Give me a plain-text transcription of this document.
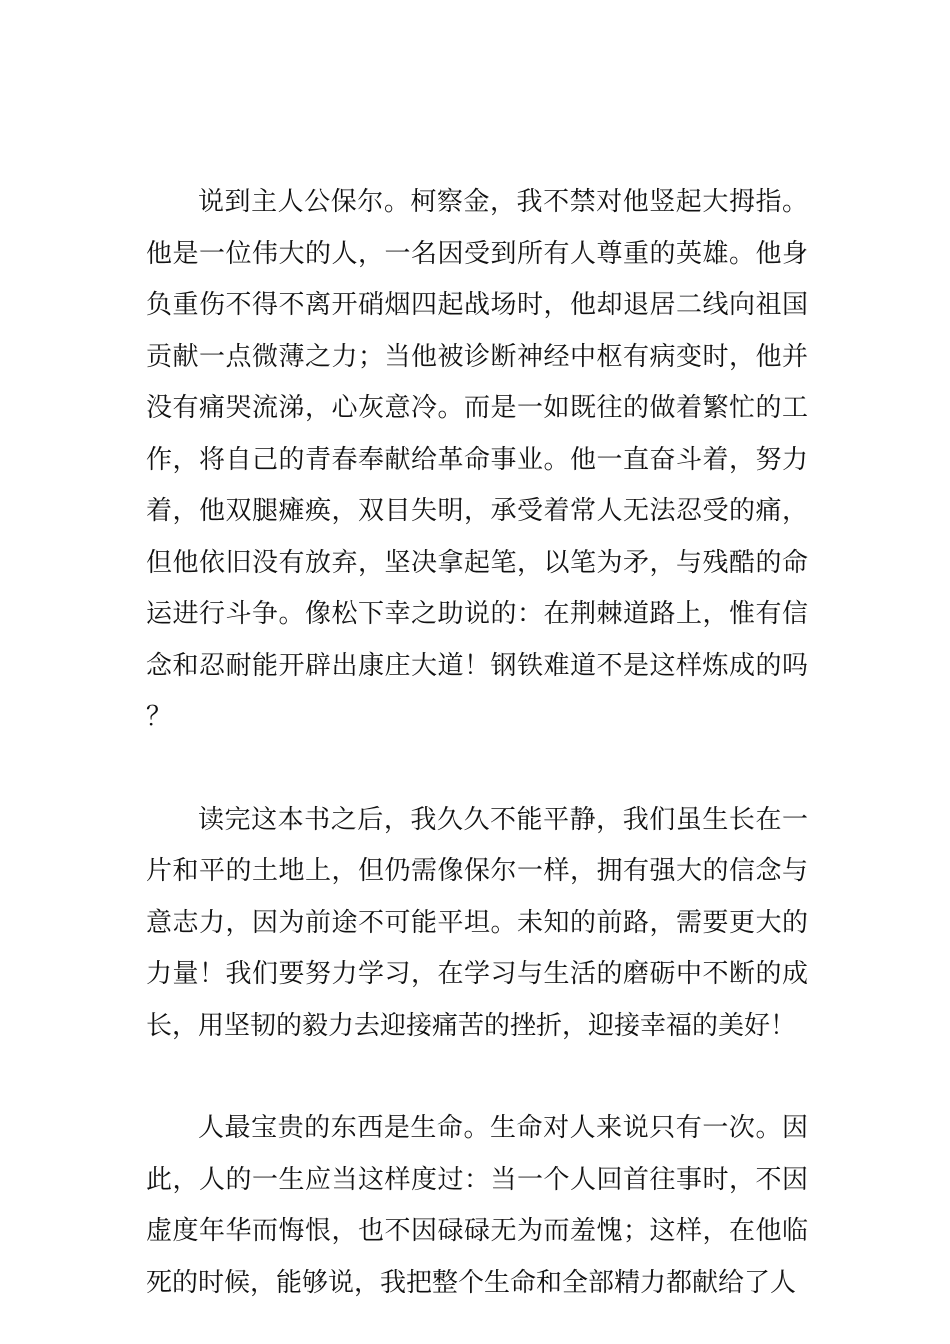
说到主人公保尔。柯察金，我不禁对他竖起大拇指。他是一位伟大的人，一名因受到所有人尊重的英雄。他身负重伤不得不离开硝烟四起战场时，他却退居二线向祖国贡献一点微薄之力；当他被诊断神经中枢有病变时，他并没有痛哭流涕，心灰意冷。而是一如既往的做着繁忙的工作，将自己的青春奉献给革命事业。他一直奋斗着，努力着，他双腿瘫痪，双目失明，承受着常人无法忍受的痛，但他依旧没有放弃，坚决拿起笔，以笔为矛，与残酷的命运进行斗争。像松下幸之助说的：在荆棘道路上，惟有信念和忍耐能开辟出康庄大道！钢铁难道不是这样炼成的吗？

读完这本书之后，我久久不能平静，我们虽生长在一片和平的土地上，但仍需像保尔一样，拥有强大的信念与意志力，因为前途不可能平坦。未知的前路，需要更大的力量！我们要努力学习，在学习与生活的磨砺中不断的成长，用坚韧的毅力去迎接痛苦的挫折，迎接幸福的美好！

人最宝贵的东西是生命。生命对人来说只有一次。因此，人的一生应当这样度过：当一个人回首往事时，不因虚度年华而悔恨，也不因碌碌无为而羞愧；这样，在他临死的时候，能够说，我把整个生命和全部精力都献给了人
